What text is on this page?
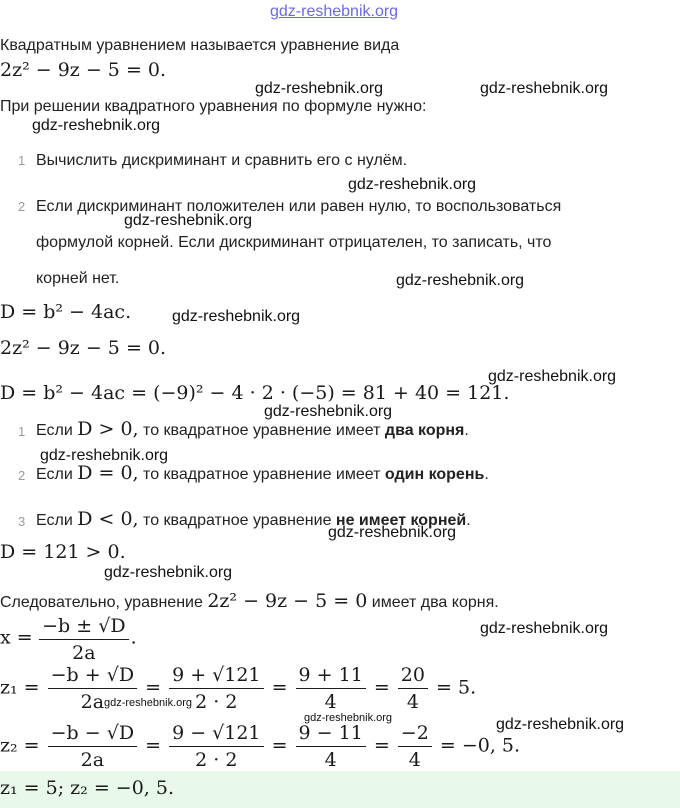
gdz-reshebnik.org
Квадратным уравнением называется уравнение вида
2z² − 9z − 5 = 0.
gdz-reshebnik.org	gdz-reshebnik.org
При решении квадратного уравнения по формуле нужно:
gdz-reshebnik.org
1 Вычислить дискриминант и сравнить его с нулём.
gdz-reshebnik.org
2 Если дискриминант положителен или равен нулю, то воспользоваться
gdz-reshebnik.org
формулой корней. Если дискриминант отрицателен, то записать, что
корней нет.	gdz-reshebnik.org
D = b² − 4ac.	gdz-reshebnik.org
2z² − 9z − 5 = 0.
gdz-reshebnik.org
D = b² − 4ac = (−9)² − 4 · 2 · (−5) = 81 + 40 = 121.
gdz-reshebnik.org
1 Если D > 0, то квадратное уравнение имеет два корня.
gdz-reshebnik.org
2 Если D = 0, то квадратное уравнение имеет один корень.
3 Если D < 0, то квадратное уравнение не имеет корней.
gdz-reshebnik.org
D = 121 > 0.
gdz-reshebnik.org
Следовательно, уравнение 2z² − 9z − 5 = 0 имеет два корня.
$x = \frac{-b \pm √D}{2a}$ .	gdz-reshebnik.org
$z_1 = \frac{-b + √D}{2a} = \frac{9 + √121}{2 \cdot 2} = \frac{9 + 11}{4} = \frac{20}{4} = 5$.
gdz-reshebnik.org
gdz-reshebnik.org	gdz-reshebnik.org
$z_2 = \frac{-b - √D}{2a} = \frac{9 - √121}{2 \cdot 2} = \frac{9 - 11}{4} = \frac{-2}{4} = -0$, 5.
z₁ = 5; z₂ = −0, 5.
